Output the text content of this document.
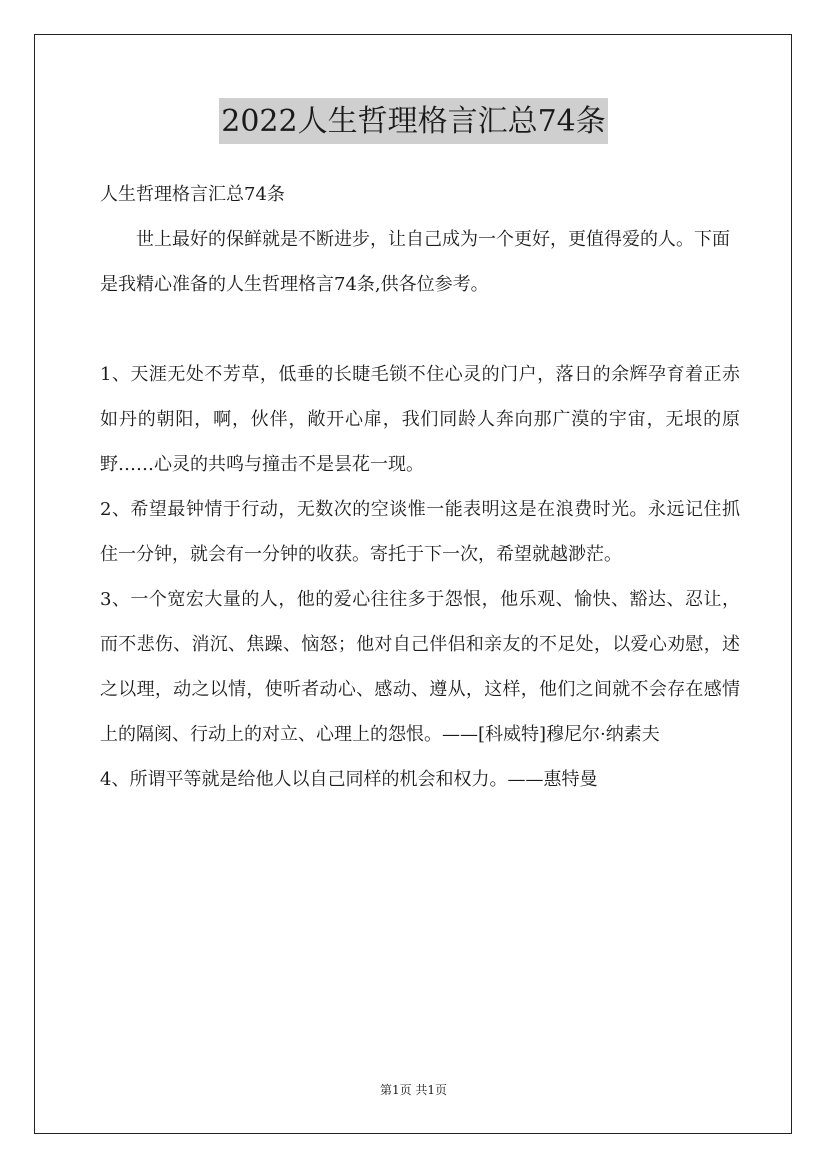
2022人生哲理格言汇总74条

人生哲理格言汇总74条

世上最好的保鲜就是不断进步，让自己成为一个更好，更值得爱的人。下面是我精心准备的人生哲理格言74条,供各位参考。

1、天涯无处不芳草，低垂的长睫毛锁不住心灵的门户，落日的余辉孕育着正赤如丹的朝阳，啊，伙伴，敞开心扉，我们同龄人奔向那广漠的宇宙，无垠的原野……心灵的共鸣与撞击不是昙花一现。

2、希望最钟情于行动，无数次的空谈惟一能表明这是在浪费时光。永远记住抓住一分钟，就会有一分钟的收获。寄托于下一次，希望就越渺茫。

3、一个宽宏大量的人，他的爱心往往多于怨恨，他乐观、愉快、豁达、忍让，而不悲伤、消沉、焦躁、恼怒；他对自己伴侣和亲友的不足处，以爱心劝慰，述之以理，动之以情，使听者动心、感动、遵从，这样，他们之间就不会存在感情上的隔阂、行动上的对立、心理上的怨恨。——[科威特]穆尼尔·纳素夫

4、所谓平等就是给他人以自己同样的机会和权力。——惠特曼

第1页 共1页
